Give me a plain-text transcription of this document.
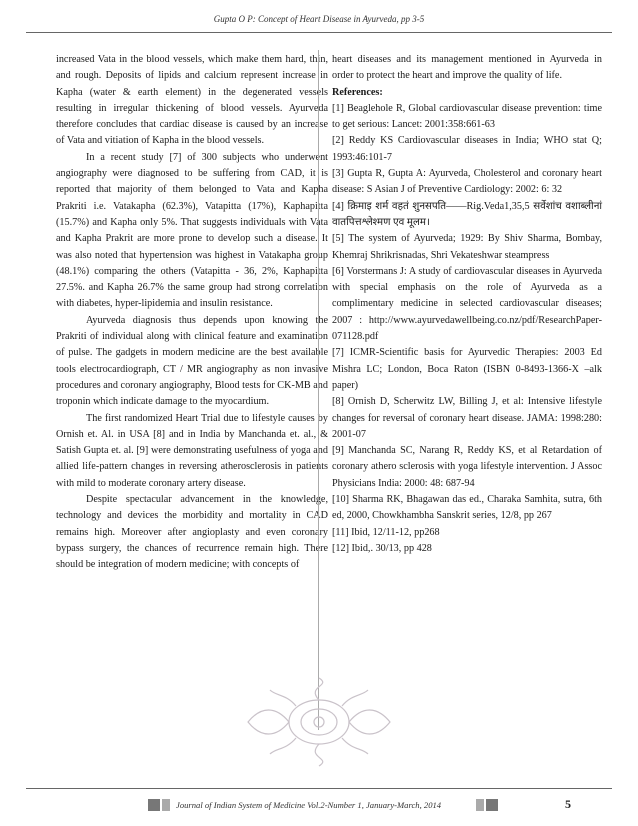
Gupta O P: Concept of Heart Disease in Ayurveda, pp 3-5

increased Vata in the blood vessels, which make them hard, thin, and rough. Deposits of lipids and calcium represent increase in Kapha (water & earth element) in the degenerated vessels resulting in irregular thickening of blood vessels. Ayurveda therefore concludes that cardiac disease is caused by an increase of Vata and vitiation of Kapha in the blood vessels.

In a recent study [7] of 300 subjects who underwent angiography were diagnosed to be suffering from CAD, it is reported that majority of them belonged to Vata and Kapha Prakriti i.e. Vatakapha (62.3%), Vatapitta (17%), Kaphapitta (15.7%) and Kapha only 5%. That suggests individuals with Vata and Kapha Prakrit are more prone to develop such a disease. It was also noted that hypertension was highest in Vatakapha group (48.1%) comparing the others (Vatapitta - 36, 2%, Kaphapitta 27.5%. and Kapha 26.7% the same group had strong correlation with diabetes, hyper-lipidemia and insulin resistance.

Ayurveda diagnosis thus depends upon knowing the Prakriti of individual along with clinical feature and examination of pulse. The gadgets in modern medicine are the best available tools electrocardiograph, CT / MR angiography as non invasive procedures and coronary angiography, Blood tests for CK-MB and troponin which indicate damage to the myocardium.

The first randomized Heart Trial due to lifestyle causes by Ornish et. Al. in USA [8] and in India by Manchanda et. al., & Satish Gupta et. al. [9] were demonstrating usefulness of yoga and allied life-pattern changes in reversing atherosclerosis in patients with mild to moderate coronary artery disease.

Despite spectacular advancement in the knowledge, technology and devices the morbidity and mortality in CAD remains high. Moreover after angioplasty and even coronary bypass surgery, the chances of recurrence remain high. There should be integration of modern medicine; with concepts of

heart diseases and its management mentioned in Ayurveda in order to protect the heart and improve the quality of life.

References:

[1] Beaglehole R, Global cardiovascular disease prevention: time to get serious: Lancet: 2001:358:661-63

[2] Reddy KS Cardiovascular diseases in India; WHO stat Q; 1993:46:101-7

[3] Gupta R, Gupta A: Ayurveda, Cholesterol and coronary heart disease: S Asian J of Preventive Cardiology: 2002: 6: 32

[4] क्रिमाइ शर्म वहतं शुनसपति——Rig.Veda1,35,5 सर्वेशांच वशाब्लीनां वातपित्तश्लेश्मण एव मूलम।

[5] The system of Ayurveda; 1929: By Shiv Sharma, Bombay, Khemraj Shrikrisnadas, Shri Vekateshwar steampress

[6] Vorstermans J: A study of cardiovascular diseases in Ayurveda with special emphasis on the role of Ayurveda as a complimentary medicine in selected cardiovascular diseases; 2007 : http://www.ayurvedawellbeing.co.nz/pdf/ResearchPaper- 071128.pdf

[7] ICMR-Scientific basis for Ayurvedic Therapies: 2003 Ed Mishra LC; London, Boca Raton (ISBN 0-8493-1366-X –alk paper)

[8] Ornish D, Scherwitz LW, Billing J, et al: Intensive lifestyle changes for reversal of coronary heart disease. JAMA: 1998:280: 2001-07

[9] Manchanda SC, Narang R, Reddy KS, et al Retardation of coronary athero sclerosis with yoga lifestyle intervention. J Assoc Physicians India: 2000: 48: 687-94

[10] Sharma RK, Bhagawan das ed., Charaka Samhita, sutra, 6th ed, 2000, Chowkhambha Sanskrit series, 12/8, pp 267

[11] Ibid, 12/11-12, pp268

[12] Ibid,. 30/13, pp 428

Journal of Indian System of Medicine Vol.2-Number 1, January-March, 2014	5
